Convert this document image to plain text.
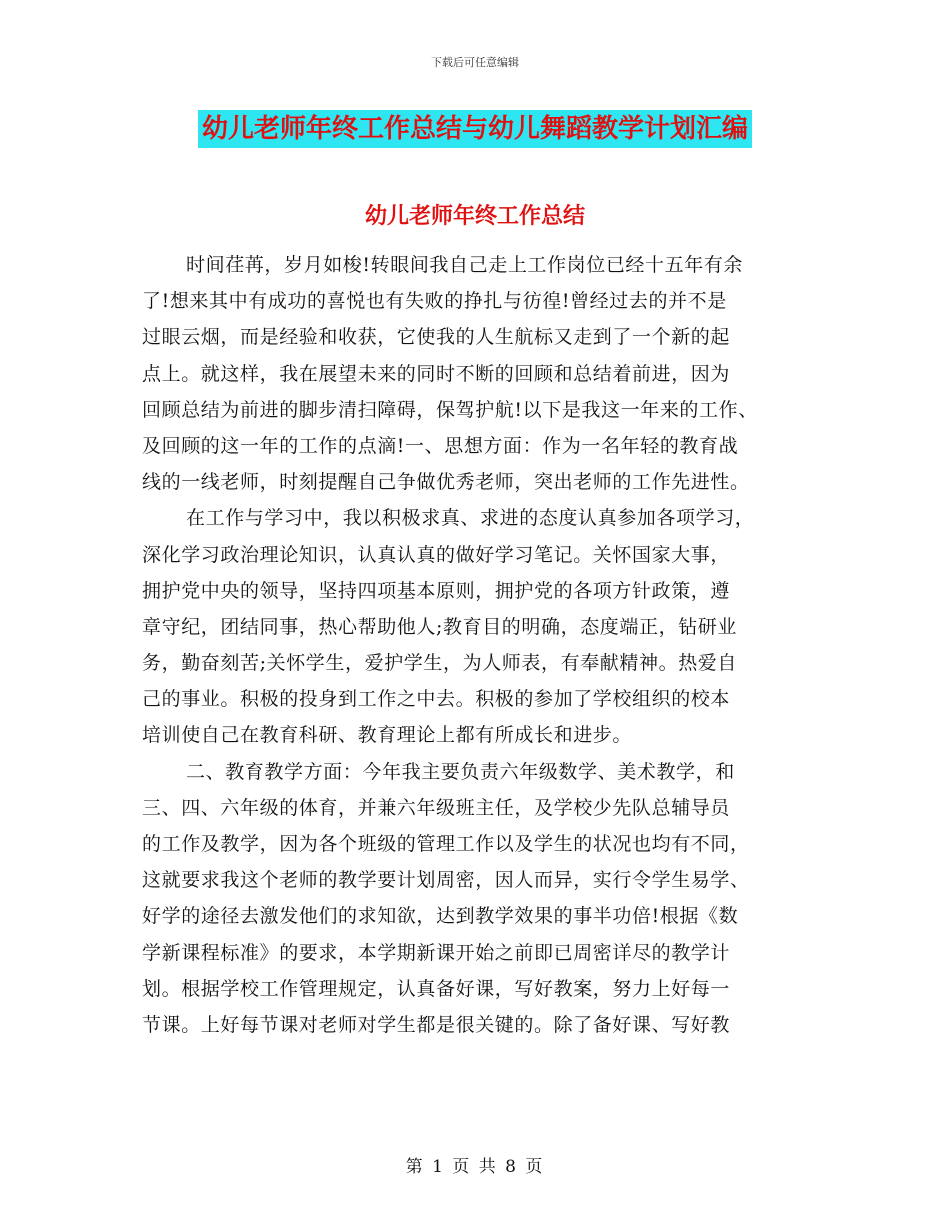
下载后可任意编辑
幼儿老师年终工作总结与幼儿舞蹈教学计划汇编
幼儿老师年终工作总结
时间荏苒，岁月如梭!转眼间我自己走上工作岗位已经十五年有余
了!想来其中有成功的喜悦也有失败的挣扎与彷徨!曾经过去的并不是
过眼云烟，而是经验和收获，它使我的人生航标又走到了一个新的起
点上。就这样，我在展望未来的同时不断的回顾和总结着前进，因为
回顾总结为前进的脚步清扫障碍，保驾护航!以下是我这一年来的工作、
及回顾的这一年的工作的点滴!一、思想方面：作为一名年轻的教育战
线的一线老师，时刻提醒自己争做优秀老师，突出老师的工作先进性。
在工作与学习中，我以积极求真、求进的态度认真参加各项学习，
深化学习政治理论知识，认真认真的做好学习笔记。关怀国家大事，
拥护党中央的领导，坚持四项基本原则，拥护党的各项方针政策，遵
章守纪，团结同事，热心帮助他人;教育目的明确，态度端正，钻研业
务，勤奋刻苦;关怀学生，爱护学生，为人师表，有奉献精神。热爱自
己的事业。积极的投身到工作之中去。积极的参加了学校组织的校本
培训使自己在教育科研、教育理论上都有所成长和进步。
二、教育教学方面：今年我主要负责六年级数学、美术教学，和
三、四、六年级的体育，并兼六年级班主任，及学校少先队总辅导员
的工作及教学，因为各个班级的管理工作以及学生的状况也均有不同，
这就要求我这个老师的教学要计划周密，因人而异，实行令学生易学、
好学的途径去激发他们的求知欲，达到教学效果的事半功倍!根据《数
学新课程标准》的要求，本学期新课开始之前即已周密详尽的教学计
划。根据学校工作管理规定，认真备好课，写好教案，努力上好每一
节课。上好每节课对老师对学生都是很关键的。除了备好课、写好教
第 1 页 共 8 页
